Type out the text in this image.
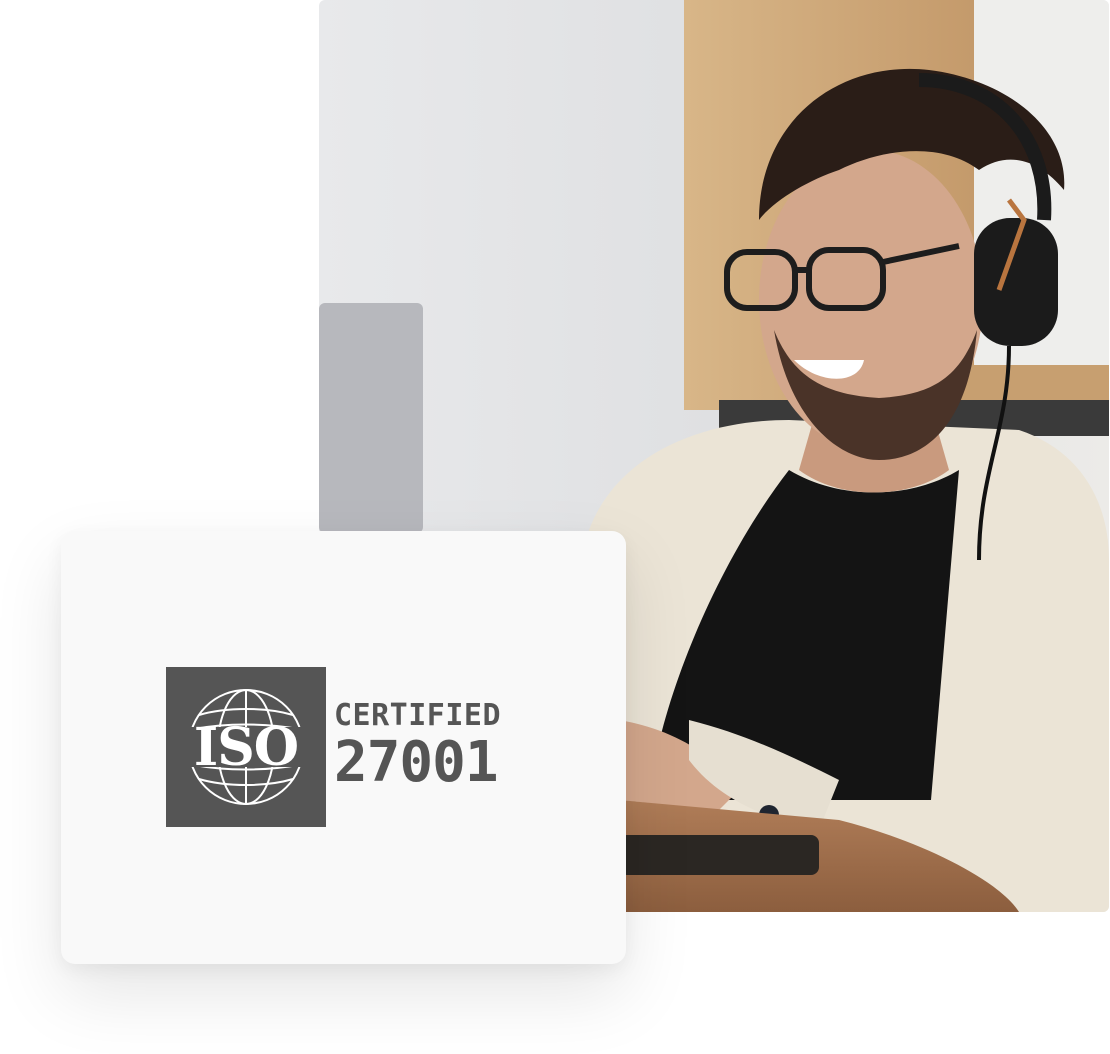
ISO
CERTIFIED
27001
